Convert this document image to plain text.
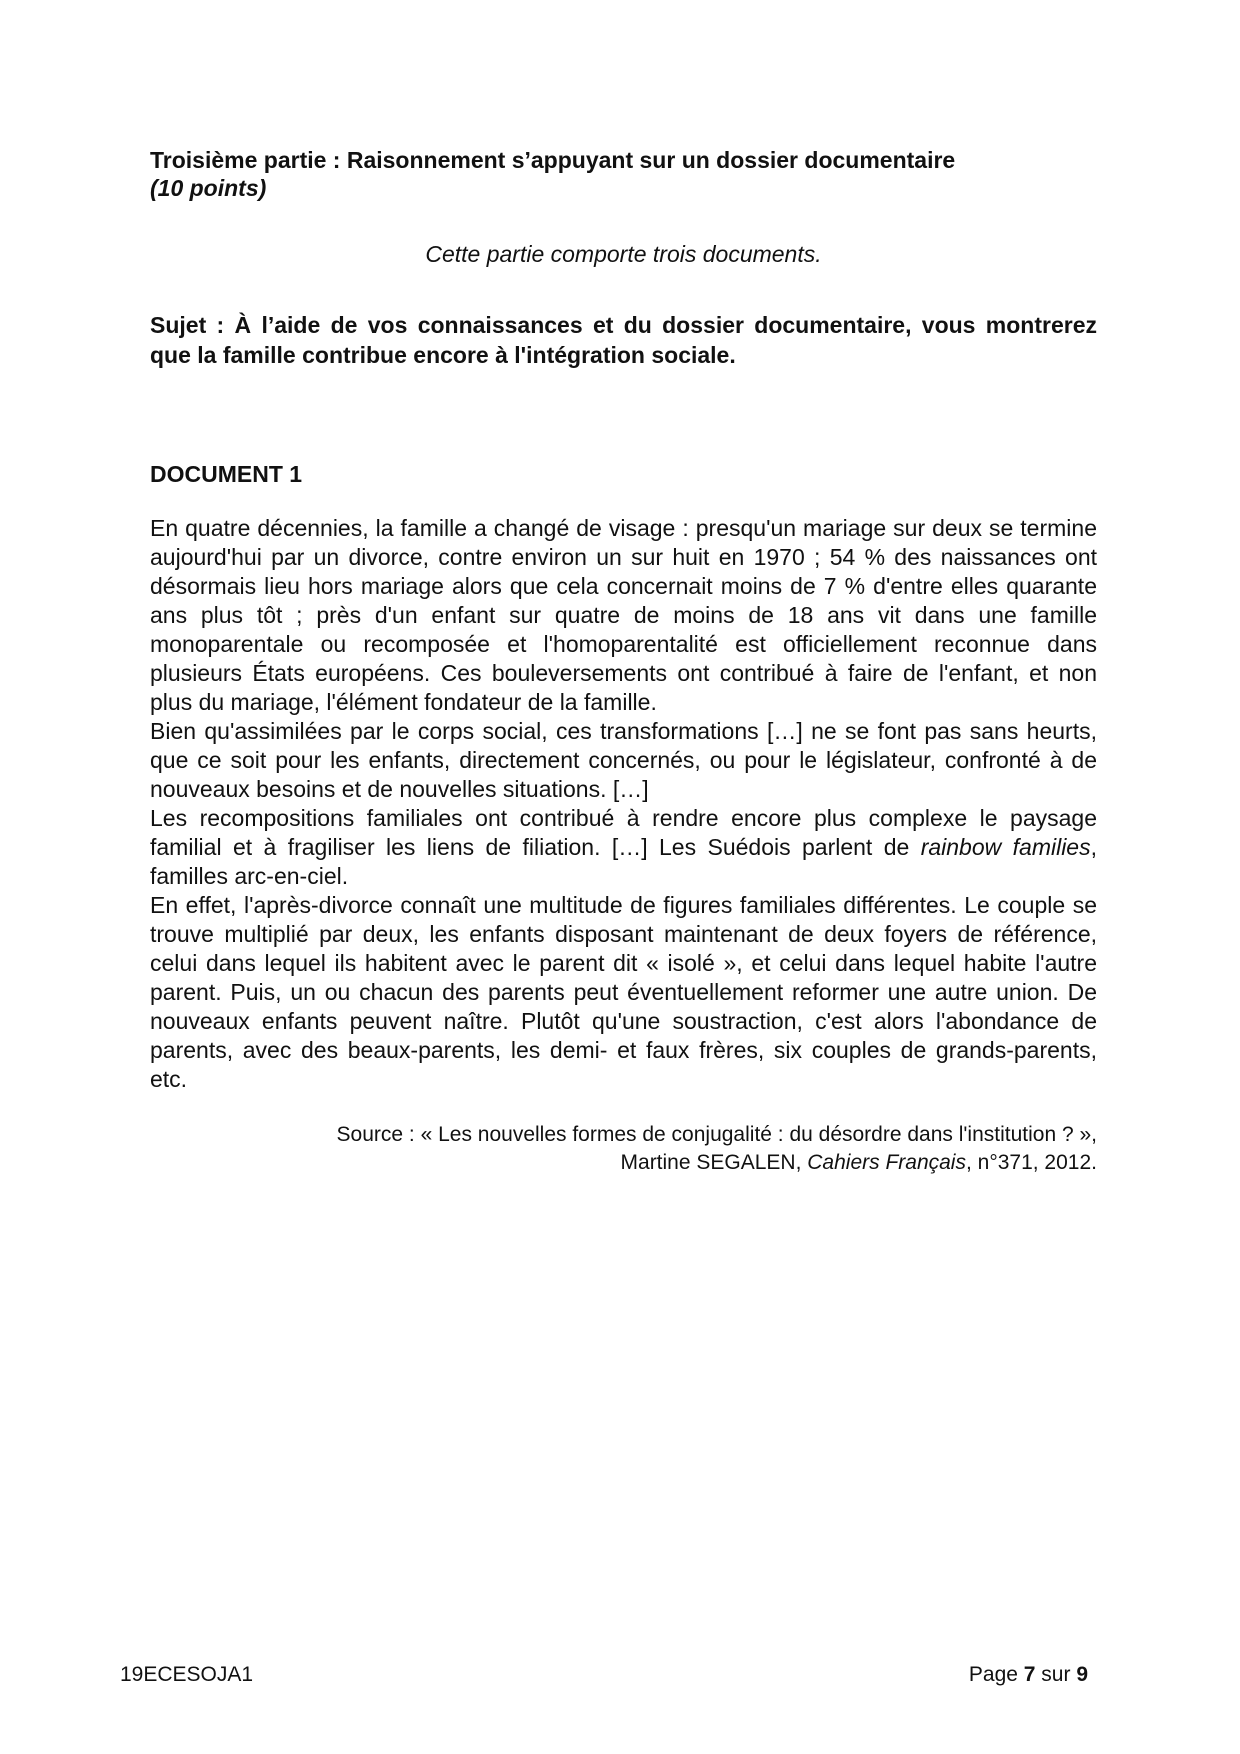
Troisième partie : Raisonnement s’appuyant sur un dossier documentaire

(10 points)

Cette partie comporte trois documents.

Sujet : À l’aide de vos connaissances et du dossier documentaire, vous montrerez que la famille contribue encore à l'intégration sociale.

DOCUMENT 1

En quatre décennies, la famille a changé de visage : presqu'un mariage sur deux se termine aujourd'hui par un divorce, contre environ un sur huit en 1970 ; 54 % des naissances ont désormais lieu hors mariage alors que cela concernait moins de 7 % d'entre elles quarante ans plus tôt ; près d'un enfant sur quatre de moins de 18 ans vit dans une famille monoparentale ou recomposée et l'homoparentalité est officiellement reconnue dans plusieurs États européens. Ces bouleversements ont contribué à faire de l'enfant, et non plus du mariage, l'élément fondateur de la famille.

Bien qu'assimilées par le corps social, ces transformations […] ne se font pas sans heurts, que ce soit pour les enfants, directement concernés, ou pour le législateur, confronté à de nouveaux besoins et de nouvelles situations. […]

Les recompositions familiales ont contribué à rendre encore plus complexe le paysage familial et à fragiliser les liens de filiation. […] Les Suédois parlent de rainbow families, familles arc-en-ciel.

En effet, l'après-divorce connaît une multitude de figures familiales différentes. Le couple se trouve multiplié par deux, les enfants disposant maintenant de deux foyers de référence, celui dans lequel ils habitent avec le parent dit « isolé », et celui dans lequel habite l'autre parent. Puis, un ou chacun des parents peut éventuellement reformer une autre union. De nouveaux enfants peuvent naître. Plutôt qu'une soustraction, c'est alors l'abondance de parents, avec des beaux-parents, les demi- et faux frères, six couples de grands-parents, etc.

Source : « Les nouvelles formes de conjugalité : du désordre dans l'institution ? »,
Martine SEGALEN, Cahiers Français, n°371, 2012.
19ECESOJA1	Page 7 sur 9
